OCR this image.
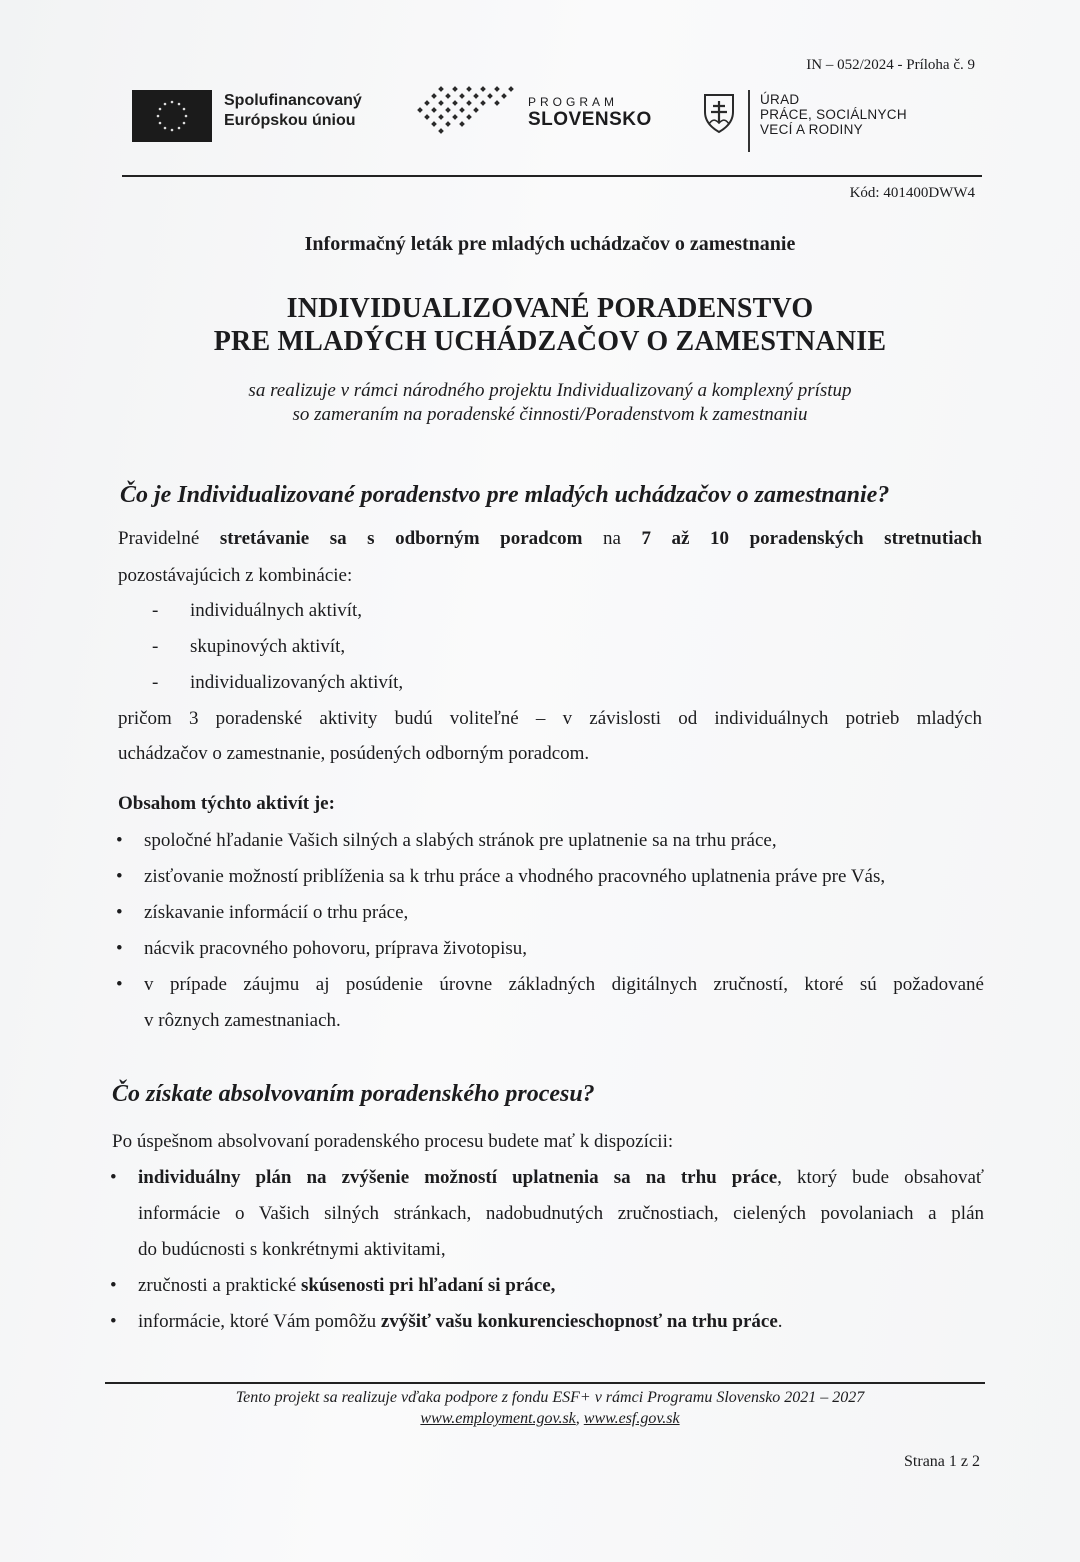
IN – 052/2024 - Príloha č. 9
Spolufinancovaný
Európskou úniou
PROGRAM
SLOVENSKO
ÚRAD
PRÁCE, SOCIÁLNYCH
VECÍ A RODINY
Kód: 401400DWW4
Informačný leták pre mladých uchádzačov o zamestnanie
INDIVIDUALIZOVANÉ PORADENSTVO
PRE MLADÝCH UCHÁDZAČOV O ZAMESTNANIE
sa realizuje v rámci národného projektu Individualizovaný a komplexný prístup
so zameraním na poradenské činnosti/Poradenstvom k zamestnaniu
Čo je Individualizované poradenstvo pre mladých uchádzačov o zamestnanie?
Pravidelné stretávanie sa s odborným poradcom na 7 až 10 poradenských stretnutiach
pozostávajúcich z kombinácie:
- individuálnych aktivít,
- skupinových aktivít,
- individualizovaných aktivít,
pričom 3 poradenské aktivity budú voliteľné – v závislosti od individuálnych potrieb mladých
uchádzačov o zamestnanie, posúdených odborným poradcom.
Obsahom týchto aktivít je:
• spoločné hľadanie Vašich silných a slabých stránok pre uplatnenie sa na trhu práce,
• zisťovanie možností priblíženia sa k trhu práce a vhodného pracovného uplatnenia práve pre Vás,
• získavanie informácií o trhu práce,
• nácvik pracovného pohovoru, príprava životopisu,
• v prípade záujmu aj posúdenie úrovne základných digitálnych zručností, ktoré sú požadované
v rôznych zamestnaniach.
Čo získate absolvovaním poradenského procesu?
Po úspešnom absolvovaní poradenského procesu budete mať k dispozícii:
• individuálny plán na zvýšenie možností uplatnenia sa na trhu práce, ktorý bude obsahovať
informácie o Vašich silných stránkach, nadobudnutých zručnostiach, cielených povolaniach a plán
do budúcnosti s konkrétnymi aktivitami,
• zručnosti a praktické skúsenosti pri hľadaní si práce,
• informácie, ktoré Vám pomôžu zvýšiť vašu konkurencieschopnosť na trhu práce.
Tento projekt sa realizuje vďaka podpore z fondu ESF+ v rámci Programu Slovensko 2021 – 2027
www.employment.gov.sk, www.esf.gov.sk
Strana 1 z 2
